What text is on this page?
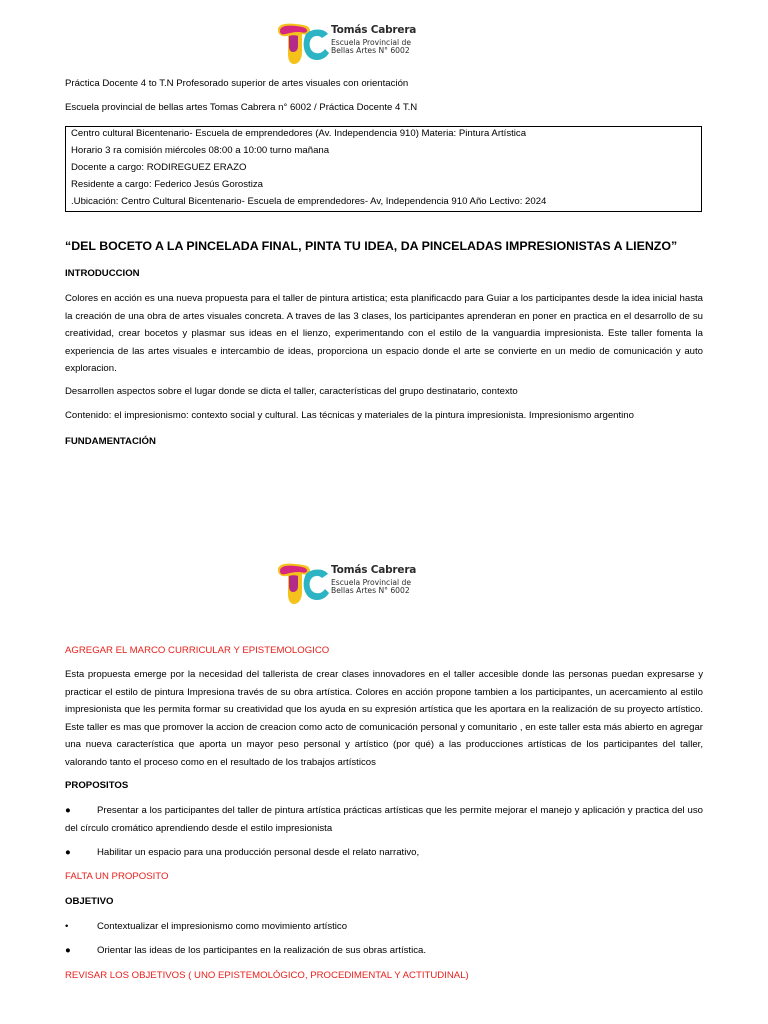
Tomás Cabrera
Escuela Provincial de
Bellas Artes N° 6002
Práctica Docente 4 to T.N Profesorado superior de artes visuales con orientación
Escuela provincial de bellas artes Tomas Cabrera n° 6002 / Práctica Docente 4 T.N
Centro cultural Bicentenario- Escuela de emprendedores (Av. Independencia 910) Materia: Pintura Artística
Horario 3 ra comisión miércoles 08:00 a 10:00 turno mañana
Docente a cargo: RODIREGUEZ ERAZO
Residente a cargo: Federico Jesús Gorostiza
.Ubicación: Centro Cultural Bicentenario- Escuela de emprendedores- Av, Independencia 910 Año Lectivo: 2024
“DEL BOCETO A LA PINCELADA FINAL, PINTA TU IDEA, DA PINCELADAS IMPRESIONISTAS A LIENZO”
INTRODUCCION
Colores en acción es una nueva propuesta para el taller de pintura artistica; esta planificacdo para Guiar a los participantes desde la idea inicial hasta la creación de una obra de artes visuales concreta. A traves de las 3 clases, los participantes aprenderan en poner en practica en el desarrollo de su creatividad, crear bocetos y plasmar sus ideas en el lienzo, experimentando con el estilo de la vanguardia impresionista. Este taller fomenta la experiencia de las artes visuales e intercambio de ideas, proporciona un espacio donde el arte se convierte en un medio de comunicación y auto exploracion.
Desarrollen aspectos sobre el lugar donde se dicta el taller, características del grupo destinatario, contexto
Contenido: el impresionismo: contexto social y cultural. Las técnicas y materiales de la pintura impresionista. Impresionismo argentino
FUNDAMENTACIÓN
Tomás Cabrera
Escuela Provincial de
Bellas Artes N° 6002
AGREGAR EL MARCO CURRICULAR Y EPISTEMOLOGICO
Esta propuesta emerge por la necesidad del tallerista de crear clases innovadores en el taller accesible donde las personas puedan expresarse y practicar el estilo de pintura Impresiona través de su obra artística. Colores en acción propone tambien a los participantes, un acercamiento al estilo impresionista que les permita formar su creatividad que los ayuda en su expresión artística que les aportara en la realización de su proyecto artístico. Este taller es mas que promover la accion de creacion como acto de comunicación personal y comunitario , en este taller esta más abierto en agregar una nueva característica que aporta un mayor peso personal y artístico (por qué) a las producciones artísticas de los participantes del taller, valorando tanto el proceso como en el resultado de los trabajos artísticos
PROPOSITOS
●	Presentar a los participantes del taller de pintura artística prácticas artísticas que les permite mejorar el manejo y aplicación y practica del uso del círculo cromático aprendiendo desde el estilo impresionista
●	Habilitar un espacio para una producción personal desde el relato narrativo,
FALTA UN PROPOSITO
OBJETIVO
•	Contextualizar el impresionismo como movimiento artístico
●	Orientar las ideas de los participantes en la realización de sus obras artística.
REVISAR LOS OBJETIVOS ( UNO EPISTEMOLÓGICO, PROCEDIMENTAL Y ACTITUDINAL)
